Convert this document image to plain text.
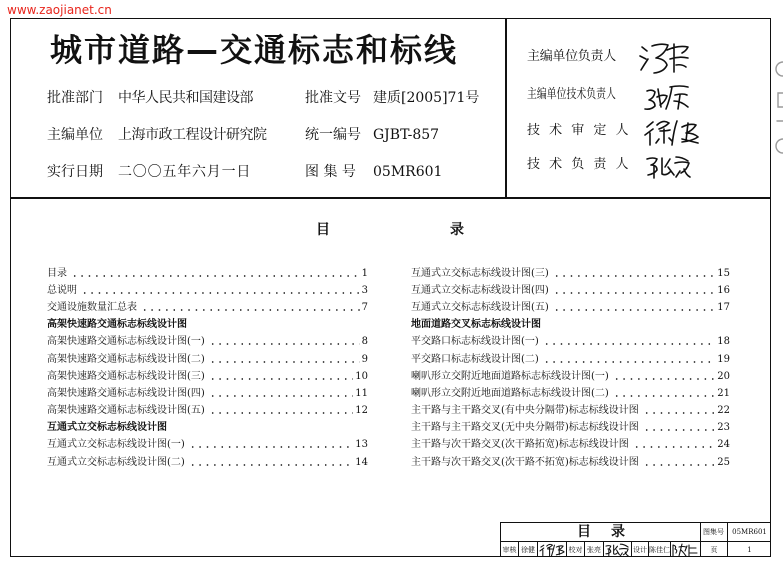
www.zaojianet.cn
城市道路—交通标志和标线
批准部门 中华人民共和国建设部	批准文号 建质[2005]71号
主编单位 上海市政工程设计研究院	统一编号 GJBT-857
实行日期 二〇〇五年六月一日	图 集 号 05MR601
主编单位负责人
主编单位技术负责人
技 术 审 定 人
技 术 负 责 人
目	录
目录	1
总说明	3
交通设施数量汇总表	7
高架快速路交通标志标线设计图
高架快速路交通标志标线设计图(一)	8
高架快速路交通标志标线设计图(二)	9
高架快速路交通标志标线设计图(三)	10
高架快速路交通标志标线设计图(四)	11
高架快速路交通标志标线设计图(五)	12
互通式立交标志标线设计图
互通式立交标志标线设计图(一)	13
互通式立交标志标线设计图(二)	14
互通式立交标志标线设计图(三)	15
互通式立交标志标线设计图(四)	16
互通式立交标志标线设计图(五)	17
地面道路交叉标志标线设计图
平交路口标志标线设计图(一)	18
平交路口标志标线设计图(二)	19
喇叭形立交附近地面道路标志标线设计图(一)	20
喇叭形立交附近地面道路标志标线设计图(二)	21
主干路与主干路交叉(有中央分隔带)标志标线设计图	22
主干路与主干路交叉(无中央分隔带)标志标线设计图	23
主干路与次干路交叉(次干路拓宽)标志标线设计图	24
主干路与次干路交叉(次干路不拓宽)标志标线设计图	25
目 录	图集号	05MR601
审核 徐健	校对 张亮	设计 陈佳仁	页	1
